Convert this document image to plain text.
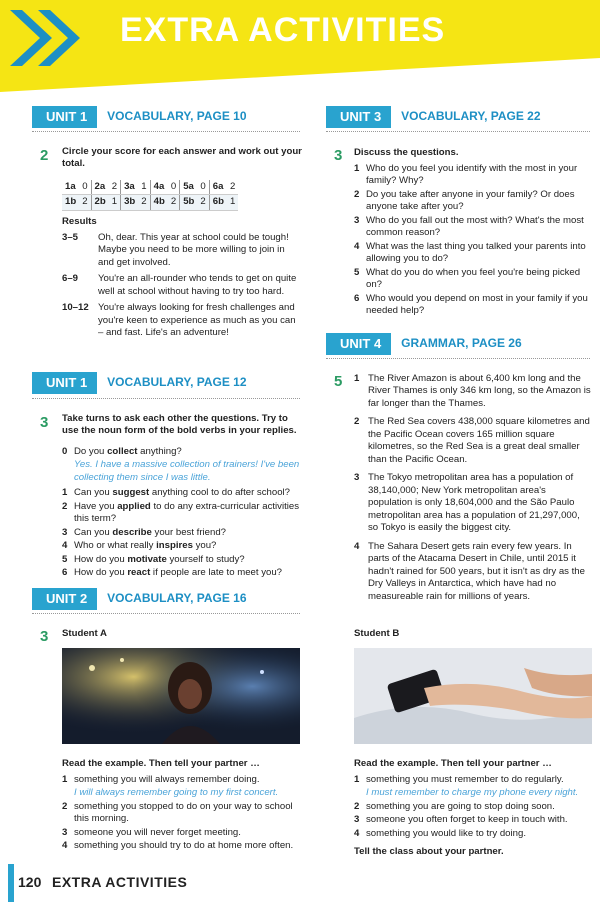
EXTRA ACTIVITIES
UNIT 1	VOCABULARY, PAGE 10
2 Circle your score for each answer and work out your total.
1a	0	2a	2	3a	1	4a	0	5a	0	6a	2
1b	2	2b	1	3b	2	4b	2	5b	2	6b	1
Results
3–5	Oh, dear. This year at school could be tough! Maybe you need to be more willing to join in and get involved.
6–9	You're an all-rounder who tends to get on quite well at school without having to try too hard.
10–12 You're always looking for fresh challenges and you're keen to experience as much as you can – and fast. Life's an adventure!
UNIT 1	VOCABULARY, PAGE 12
3 Take turns to ask each other the questions. Try to use the noun form of the bold verbs in your replies.
0 Do you collect anything?
Yes. I have a massive collection of trainers! I've been collecting them since I was little.
1 Can you suggest anything cool to do after school?
2 Have you applied to do any extra-curricular activities this term?
3 Can you describe your best friend?
4 Who or what really inspires you?
5 How do you motivate yourself to study?
6 How do you react if people are late to meet you?
UNIT 2	VOCABULARY, PAGE 16
3 Student A
Read the example. Then tell your partner …
1 something you will always remember doing.
I will always remember going to my first concert.
2 something you stopped to do on your way to school this morning.
3 someone you will never forget meeting.
4 something you should try to do at home more often.
UNIT 3	VOCABULARY, PAGE 22
3 Discuss the questions.
1 Who do you feel you identify with the most in your family? Why?
2 Do you take after anyone in your family? Or does anyone take after you?
3 Who do you fall out the most with? What's the most common reason?
4 What was the last thing you talked your parents into allowing you to do?
5 What do you do when you feel you're being picked on?
6 Who would you depend on most in your family if you needed help?
UNIT 4	GRAMMAR, PAGE 26
5 1 The River Amazon is about 6,400 km long and the River Thames is only 346 km long, so the Amazon is far longer than the Thames.
2 The Red Sea covers 438,000 square kilometres and the Pacific Ocean covers 165 million square kilometres, so the Red Sea is a great deal smaller than the Pacific Ocean.
3 The Tokyo metropolitan area has a population of 38,140,000; New York metropolitan area's population is only 18,604,000 and the São Paulo metropolitan area has a population of 21,297,000, so Tokyo is easily the biggest city.
4 The Sahara Desert gets rain every few years. In parts of the Atacama Desert in Chile, until 2015 it hadn't rained for 500 years, but it isn't as dry as the Dry Valleys in Antarctica, which have had no measureable rain for millions of years.
Student B
Read the example. Then tell your partner …
1 something you must remember to do regularly.
I must remember to charge my phone every night.
2 something you are going to stop doing soon.
3 someone you often forget to keep in touch with.
4 something you would like to try doing.
Tell the class about your partner.
120 EXTRA ACTIVITIES
